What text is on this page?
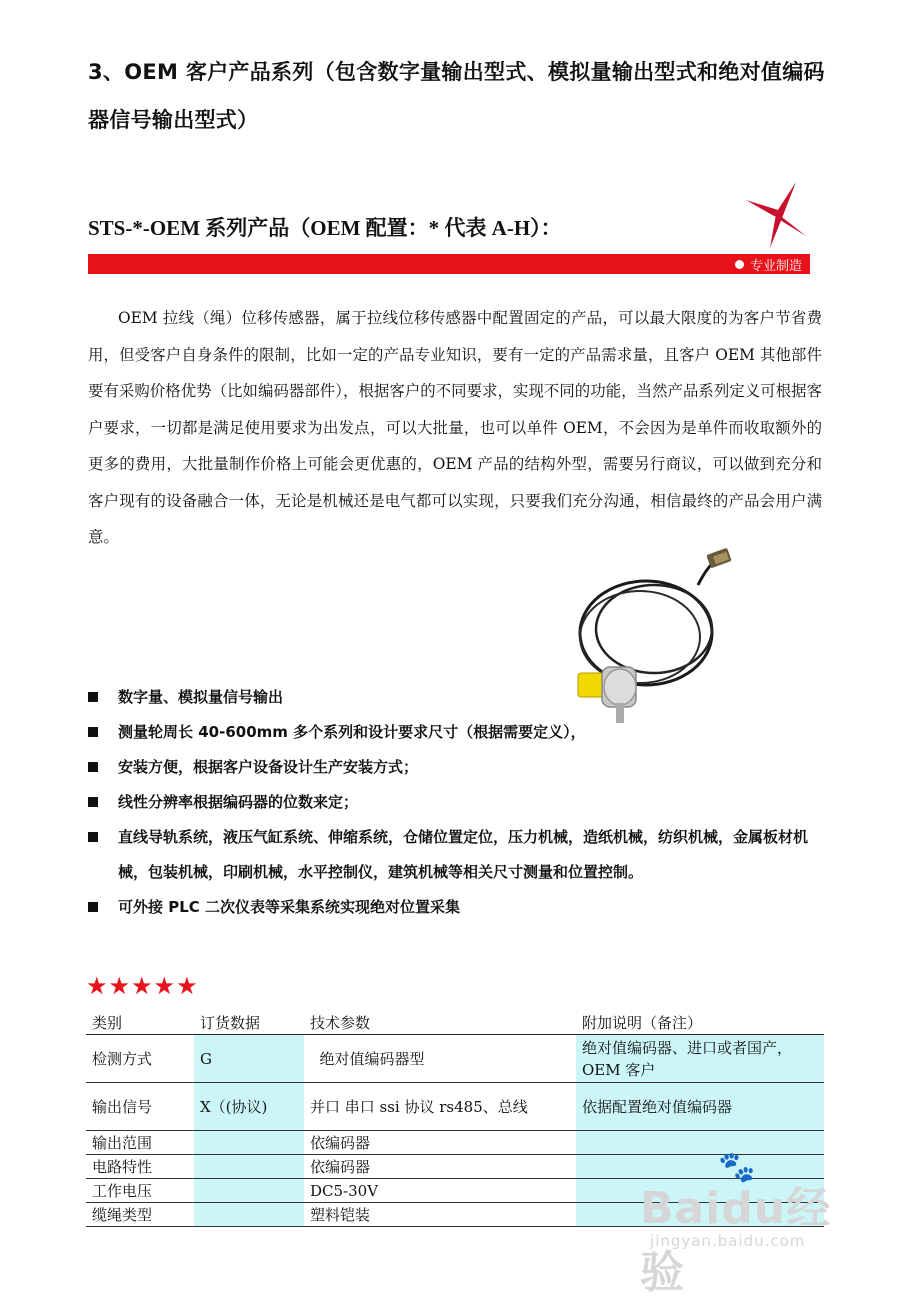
3、OEM 客户产品系列（包含数字量输出型式、模拟量输出型式和绝对值编码器信号输出型式）
STS-*-OEM 系列产品（OEM 配置：* 代表 A-H）：
专业制造
OEM 拉线（绳）位移传感器，属于拉线位移传感器中配置固定的产品，可以最大限度的为客户节省费用，但受客户自身条件的限制，比如一定的产品专业知识，要有一定的产品需求量，且客户 OEM 其他部件要有采购价格优势（比如编码器部件），根据客户的不同要求，实现不同的功能，当然产品系列定义可根据客户要求，一切都是满足使用要求为出发点，可以大批量，也可以单件 OEM，不会因为是单件而收取额外的更多的费用，大批量制作价格上可能会更优惠的，OEM 产品的结构外型，需要另行商议，可以做到充分和客户现有的设备融合一体，无论是机械还是电气都可以实现，只要我们充分沟通，相信最终的产品会用户满意。
数字量、模拟量信号输出
测量轮周长 40-600mm 多个系列和设计要求尺寸（根据需要定义），
安装方便，根据客户设备设计生产安装方式；
线性分辨率根据编码器的位数来定；
直线导轨系统，液压气缸系统、伸缩系统，仓储位置定位，压力机械，造纸机械，纺织机械，金属板材机械，包装机械，印刷机械，水平控制仪，建筑机械等相关尺寸测量和位置控制。
可外接 PLC 二次仪表等采集系统实现绝对位置采集
★★★★★
类别	订货数据	技术参数	附加说明（备注）
检测方式	G	绝对值编码器型	绝对值编码器、进口或者国产，OEM 客户
输出信号	X（(协议)	并口 串口 ssi 协议 rs485、总线	依据配置绝对值编码器
输出范围		依编码器	
电路特性		依编码器	
工作电压		DC5-30V	
缆绳类型		塑料铠装	
🐾
Baidu经验
jingyan.baidu.com
